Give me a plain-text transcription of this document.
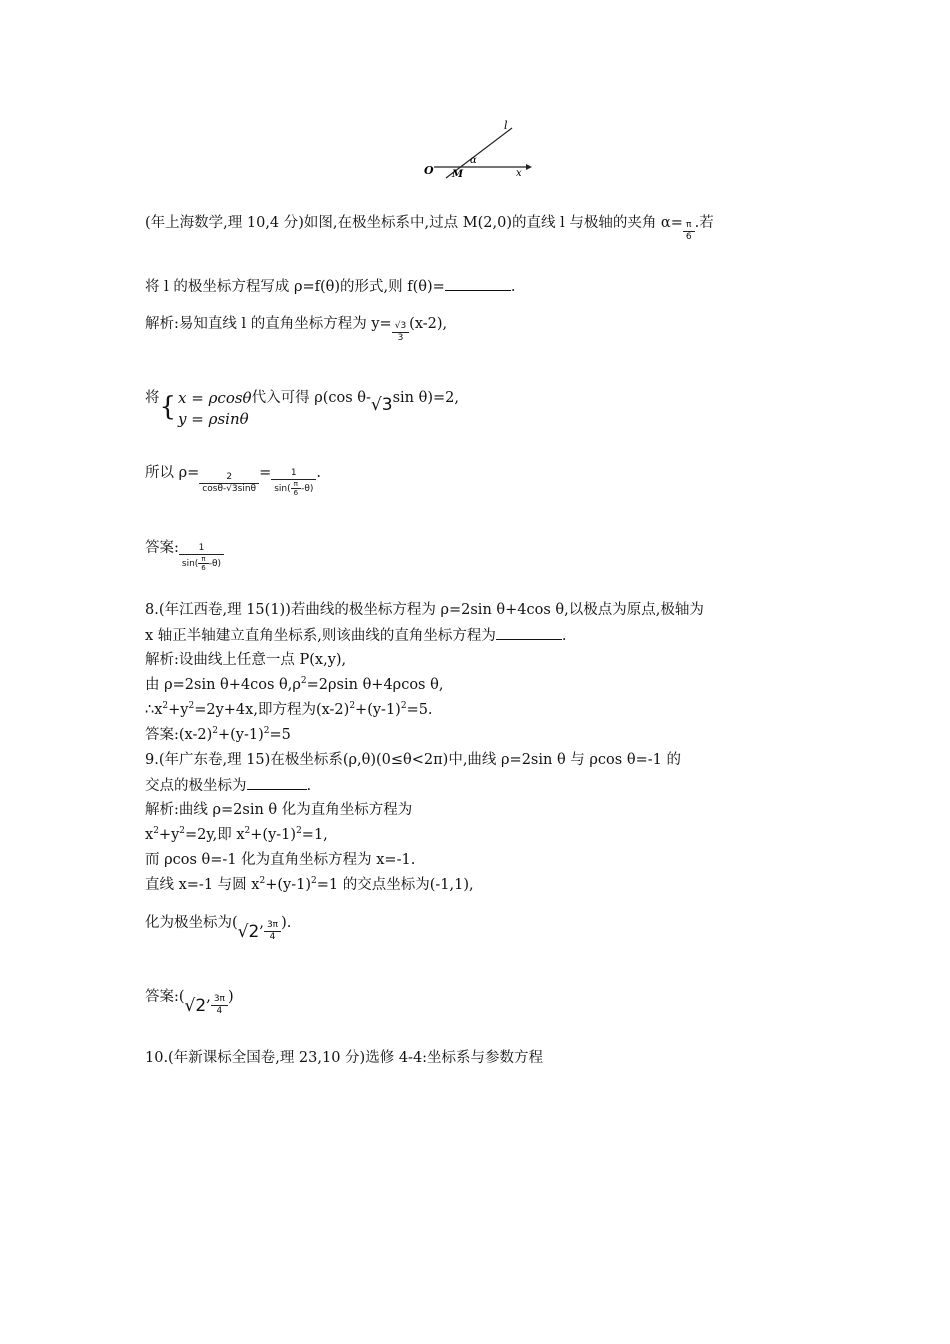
l
α
O M	x
(年上海数学,理 10,4 分)如图,在极坐标系中,过点 M(2,0)的直线 l 与极轴的夹角 $\alpha= \frac{\pi}{6}$ .若
将 l 的极坐标方程写成 ρ=f(θ)的形式,则 f(θ)=	.
解析:易知直线 l 的直角坐标方程为 $y= \frac{√3}{3} (x-2)$,
将{ x = ρcosθ
y = ρsinθ
代入可得 ρ(cos θ-√3sin θ)=2,
所以 $\rho= \frac{2}{\cos\theta-√3\sin\theta} = \frac{1}{\sin( \frac{\pi}{6} -\theta)}$ .
答案: $\frac{1}{\sin( \frac{\pi}{6} -\theta)}$
8.(年江西卷,理 15(1))若曲线的极坐标方程为 ρ=2sin θ+4cos θ,以极点为原点,极轴为
x 轴正半轴建立直角坐标系,则该曲线的直角坐标方程为	.
解析:设曲线上任意一点 P(x,y),
由 ρ=2sin θ+4cos $\theta,\rho^2=2\rho\sin$ θ+4ρcos θ,
$\therefore x^2+y^2=2y+4x$,即方程为$(x-2)^2+(y-1)^2=5$.
答案$:(x-2)^2+(y-1)^2=5$
9.(年广东卷,理 15)在极坐标系(ρ,θ)(0≤θ<2π)中,曲线 ρ=2sin θ 与 ρcos θ=-1 的
交点的极坐标为	.
解析:曲线 ρ=2sin θ 化为直角坐标方程为
$x^2+y^2=2y$,即 $x^2+(y-1)^2=1$,
而 ρcos θ=-1 化为直角坐标方程为 x=-1.
直线 x=-1 与圆 $x^2+(y-1)^2=1$ 的交点坐标为(-1,1),
化为极坐标为(√2, $\frac{3\pi}{4}$ ).
答案:(√2, $\frac{3\pi}{4}$ )
10.(年新课标全国卷,理 23,10 分)选修 4-4:坐标系与参数方程
